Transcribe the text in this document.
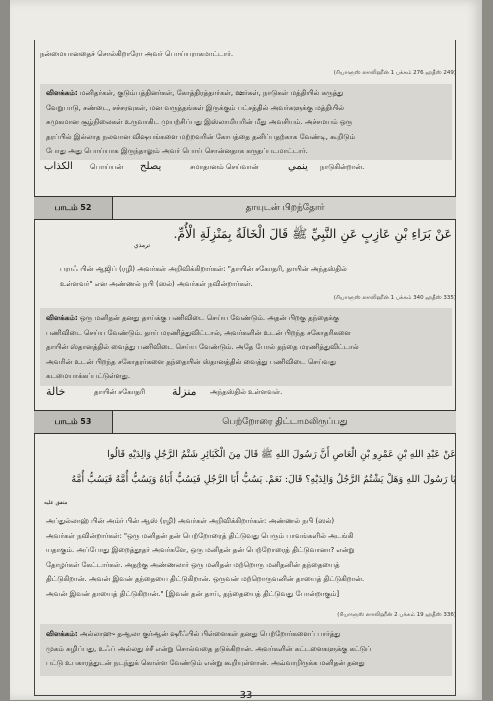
நன்மையானதைச் சொல்கிறாரோ அவர் பொய்யராகமாட்டார்.
(ரியாளுஸ் ஸாலிஹீன் 1 பக்கம் 276 ஹதீஸ் 249)
விளக்கம்: மனிதர்கள், குடும்பத்தினர்கள், கோத்திரத்தார்கள், ஊர்கள், நாடுகள் மத்தியில் கருத்து
வேறுபாடு, சண்டை, சச்சரவுகள், மன வருத்தங்கள் இருக்கும் பட்சத்தில் அவர்களுக்கு மத்தியில்
சுமுகமான சூழ்நிலைகள் உருவாகிட முயற்சிப்பது இஸ்லாமியரின் மீது அவசியம். அச்சமயம் ஒரு
தரப்பில் இல்லாத நலவான விஷயங்களை மற்றவரின் கோபத்தை தனிப்பதற்காக வேண்டி, கூறிடும்
போது அது பொய்யாக இருந்தாலும் அவர் பொய் சொன்னதாக கருதப்படமாட்டார்.
الكذاب பொய்யன் يصلح	சமாதானம் செய்வான்	ينمي நாடுகின்றான்.
பாடம் 52	தாயுடன் பிறந்தோர்
عَنْ بَرَاءِ بْنِ عَازِبٍ عَنِ النَّبِيِّ ﷺ قَالَ الْخَالَةُ بِمَنْزِلَةِ الْأُمِّ.
ترمذي
பராஃ பின் ஆஜிப் (ரழி) அவர்கள் அறிவிக்கிறார்கள்: "தாயின் சகோதரி, தாயின் அந்தஸ்தில்
உள்ளவர்" என அண்ணல் நபி (ஸல்) அவர்கள் நவின்றார்கள்.
(ரியாளுஸ் ஸாலிஹீன் 1 பக்கம் 340 ஹதீஸ் 335)
விளக்கம்: ஒரு மனிதன் தனது தாய்க்கு பணிவிடை செய்ய வேண்டும். அதன் பிறகு தந்தைக்கு
பணிவிடை செய்ய வேண்டும். தாய் மரணித்துவிட்டால், அவர்களின் உடன் பிறந்த சகோதரிகளை
தாயின் ஸ்தானத்தில் வைத்து பணிவிடை செய்ய வேண்டும். அதே போல் தந்தை மரணித்துவிட்டால்
அவரின் உடன் பிறந்த சகோதரர்களை தந்தையின் ஸ்தானத்தில் வைத்து பணிவிடை செய்வது
கடமையாக்கப்பட்டுள்ளது.
خالة	தாயின் சகோதரி منزلة அந்தஸ்தில் உள்ளவள்.
பாடம் 53	பெற்றோரை திட்டாமலிருப்பது
عَنْ عَبْدِ اللهِ بْنِ عَمْرِو بْنِ الْعَاصِ أَنَّ رَسُولَ اللهِ ﷺ قَالَ مِنَ الْكَبَائِرِ شَتْمُ الرَّجُلِ وَالِدَيْهِ قَالُوا
يَا رَسُولَ اللهِ وَهَلْ يَشْتُمُ الرَّجُلُ وَالِدَيْهِ؟ قَالَ: نَعَمْ. يَسُبُّ أَبَا الرَّجُلِ فَيَسُبُّ أَبَاهُ وَيَسُبُّ أُمَّهُ فَيَسُبُّ أُمَّهُ
متفق عليه
அப்துல்லாஹ் பின் அம்ர் பின் ஆஸ் (ரழி) அவர்கள் அறிவிக்கிறார்கள்: அண்ணல் நபி (ஸல்)
அவர்கள் நவின்றார்கள்: "ஒரு மனிதன் தன் பெற்றோரைத் திட்டுவது பெரும் பாவங்களில் அடங்கி
யதாகும். அப்போது இறைத்தூதர் அவர்களே, ஒரு மனிதன் தன் பெற்றோரைத் திட்டுவானா? என்று
தோழர்கள் கேட்டார்கள். அதற்கு அண்ணலார் ஒரு மனிதன் மற்றொரு மனிதனின் தந்தையைத்
திட்டுகிறான். அவன் இவன் தந்தையை திட்டுகிறான். ஒருவன் மற்றொருவனின் தாயைத் திட்டுகிறான்.
அவன் இவன் தாயைத் திட்டுகிறான்." [இவன் தன் தாய், தந்தையைத் திட்டுவது போன்றாகும்]
(ரியாளுஸ் ஸாலிஹீன் 2 பக்கம் 19 ஹதீஸ் 336)
விளக்கம்: அல்லாஹு தஆலா குர்ஆன் ஷரீஃபில் பிள்ளைகள் தனது பெற்றோர்களைப் பார்த்து
முகம் சுழிப்பது, உஃப் அல்லது ச்சீ என்று சொல்வதை தடுக்கிறான். அவர்களின் கட்டளைகளுக்கு கட்டுப்
பட்டு உபகாரத்துடன் நடந்துக் கொள்ள வேண்டும் என்று கூறியுள்ளான். அவ்வாறிருக்க மனிதன் தனது
33
